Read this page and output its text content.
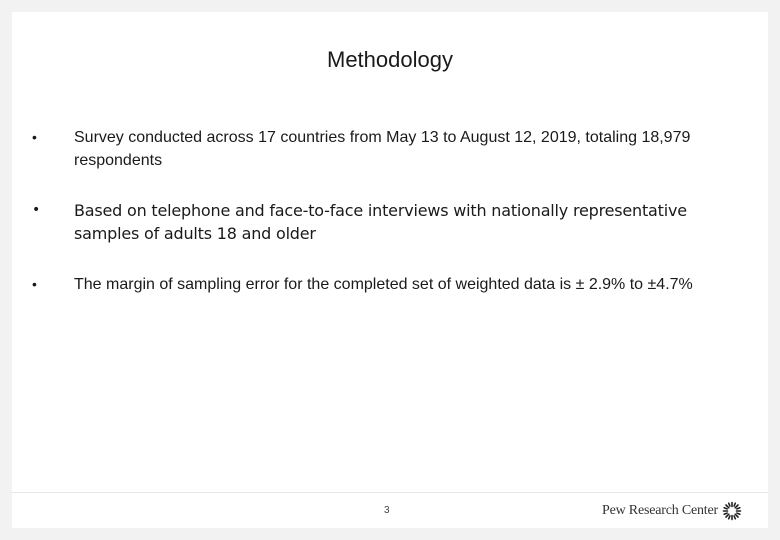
Methodology
• Survey conducted across 17 countries from May 13 to August 12, 2019, totaling 18,979 respondents
• Based on telephone and face-to-face interviews with nationally representative samples of adults 18 and older
• The margin of sampling error for the completed set of weighted data is ± 2.9% to ±4.7%
3	Pew Research Center
